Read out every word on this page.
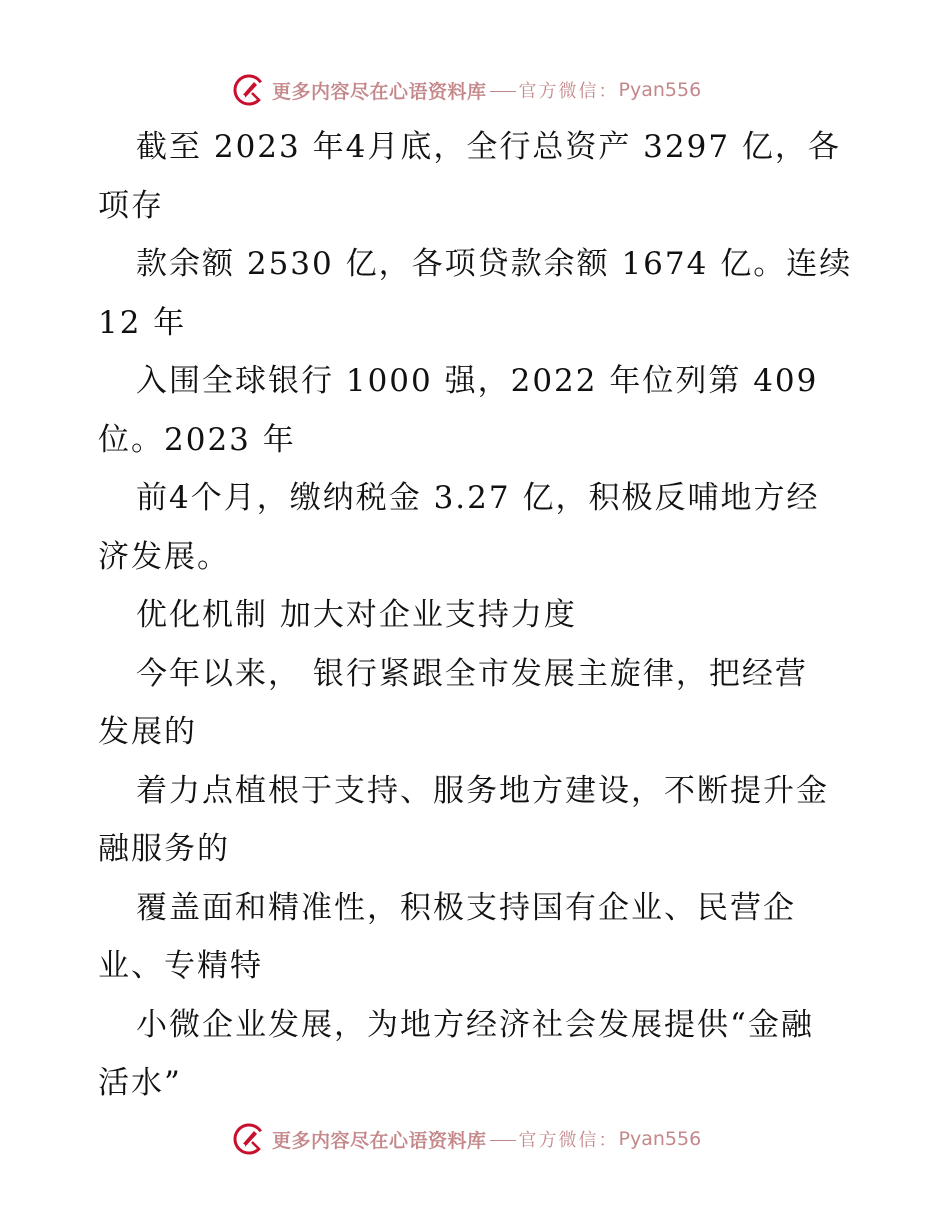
更多内容尽在心语资料库 官方微信： Pyan556
截至 2023 年4月底，全行总资产 3297 亿，各
项存
款余额 2530 亿，各项贷款余额 1674 亿。连续
12 年
入围全球银行 1000 强，2022 年位列第 409
位。2023 年
前4个月，缴纳税金 3.27 亿，积极反哺地方经
济发展。
优化机制 加大对企业支持力度
今年以来， 银行紧跟全市发展主旋律，把经营
发展的
着力点植根于支持、服务地方建设，不断提升金
融服务的
覆盖面和精准性，积极支持国有企业、民营企
业、专精特
小微企业发展，为地方经济社会发展提供“金融
活水”
更多内容尽在心语资料库 官方微信： Pyan556
